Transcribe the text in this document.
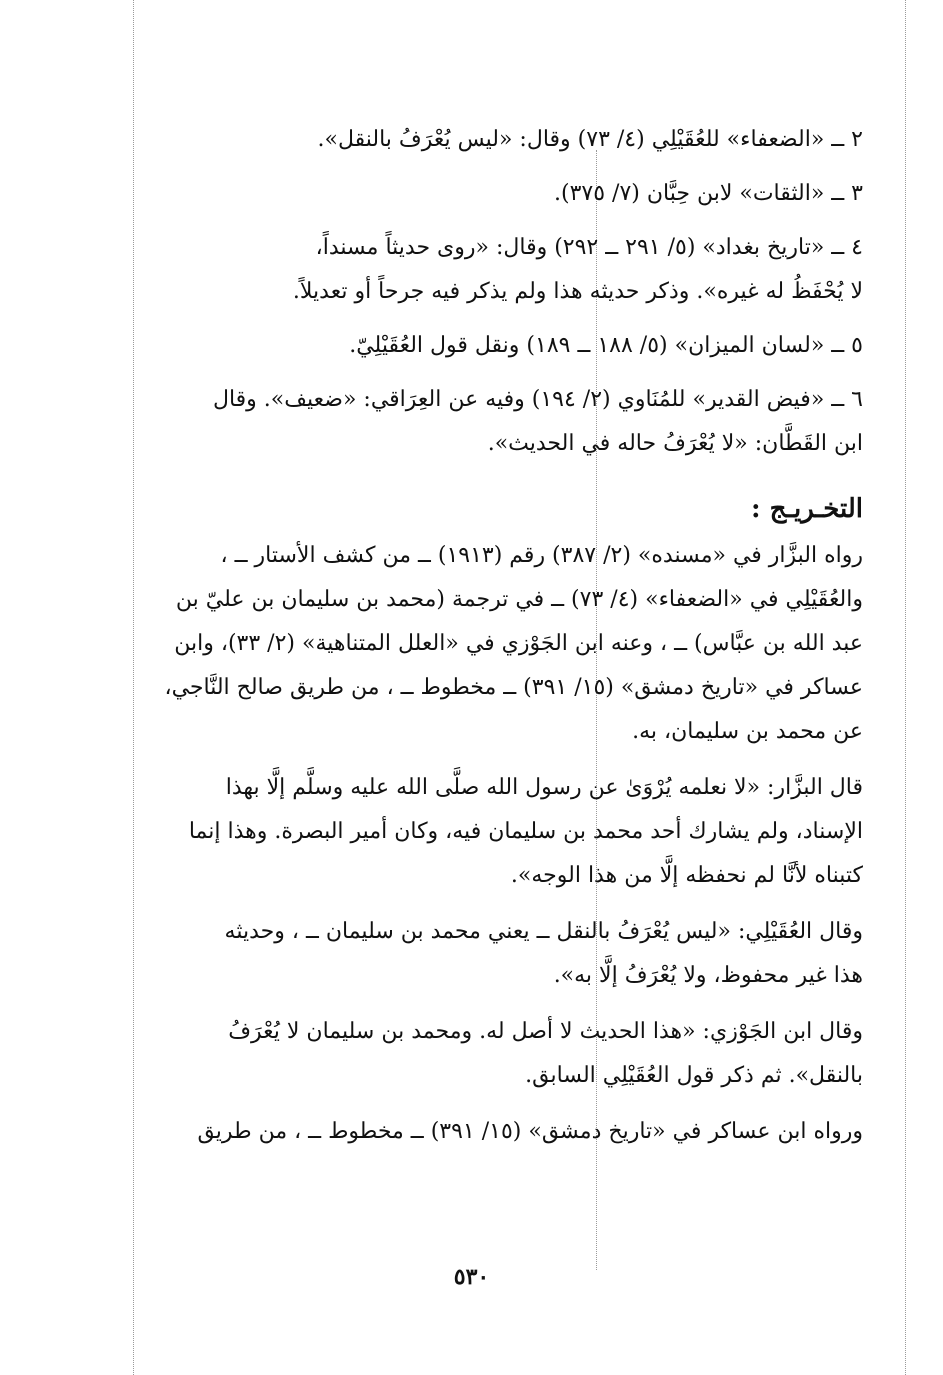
٢ ــ «الضعفاء» للعُقَيْلِي (٤/ ٧٣) وقال: «ليس يُعْرَفُ بالنقل».
٣ ــ «الثقات» لابن حِبَّان (٧/ ٣٧٥).
٤ ــ «تاريخ بغداد» (٥/ ٢٩١ ــ ٢٩٢) وقال: «روى حديثاً مسنداً،
لا يُحْفَظُ له غيره». وذكر حديثه هذا ولم يذكر فيه جرحاً أو تعديلاً.
٥ ــ «لسان الميزان» (٥/ ١٨٨ ــ ١٨٩) ونقل قول العُقَيْلِيّ.
٦ ــ «فيض القدير» للمُنَاوي (٢/ ١٩٤) وفيه عن العِرَاقي: «ضعيف». وقال
ابن القَطَّان: «لا يُعْرَفُ حاله في الحديث».
التخـريـج :
رواه البزَّار في «مسنده» (٢/ ٣٨٧) رقم (١٩١٣) ــ من كشف الأستار ــ ،
والعُقَيْلِي في «الضعفاء» (٤/ ٧٣) ــ في ترجمة (محمد بن سليمان بن عليّ بن
عبد الله بن عبَّاس) ــ ، وعنه ابن الجَوْزي في «العلل المتناهية» (٢/ ٣٣)، وابن
عساكر في «تاريخ دمشق» (١٥/ ٣٩١) ــ مخطوط ــ ، من طريق صالح النَّاجي،
عن محمد بن سليمان، به.
قال البزَّار: «لا نعلمه يُرْوَىٰ عن رسول الله صلَّى الله عليه وسلَّم إلَّا بهذا
الإسناد، ولم يشارك أحد محمد بن سليمان فيه، وكان أمير البصرة. وهذا إنما
كتبناه لأنَّا لم نحفظه إلَّا من هذا الوجه».
وقال العُقَيْلِي: «ليس يُعْرَفُ بالنقل ــ يعني محمد بن سليمان ــ ، وحديثه
هذا غير محفوظ، ولا يُعْرَفُ إلَّا به».
وقال ابن الجَوْزي: «هذا الحديث لا أصل له. ومحمد بن سليمان لا يُعْرَفُ
بالنقل». ثم ذكر قول العُقَيْلِي السابق.
ورواه ابن عساكر في «تاريخ دمشق» (١٥/ ٣٩١) ــ مخطوط ــ ، من طريق
٥٣٠
